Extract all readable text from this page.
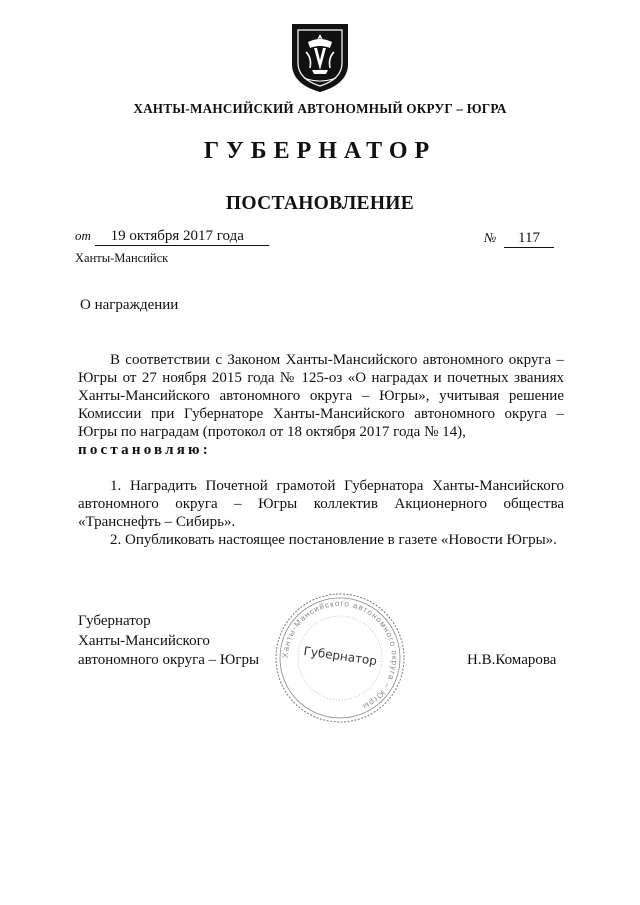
ХАНТЫ-МАНСИЙСКИЙ АВТОНОМНЫЙ ОКРУГ – ЮГРА
ГУБЕРНАТОР
ПОСТАНОВЛЕНИЕ
от 19 октября 2017 года	№ 117
Ханты-Мансийск
О награждении

В соответствии с Законом Ханты-Мансийского автономного округа – Югры от 27 ноября 2015 года № 125-оз «О наградах и почетных званиях Ханты-Мансийского автономного округа – Югры», учитывая решение Комиссии при Губернаторе Ханты-Мансийского автономного округа – Югры по наградам (протокол от 18 октября 2017 года № 14),

постановляю:

1. Наградить Почетной грамотой Губернатора Ханты-Мансийского автономного округа – Югры коллектив Акционерного общества «Транснефть – Сибирь».

2. Опубликовать настоящее постановление в газете «Новости Югры».

Губернатор
Ханты-Мансийского
автономного округа – Югры	Н.В.Комарова
Ханты-Мансийского автономного округа – Югры
Губернатор
